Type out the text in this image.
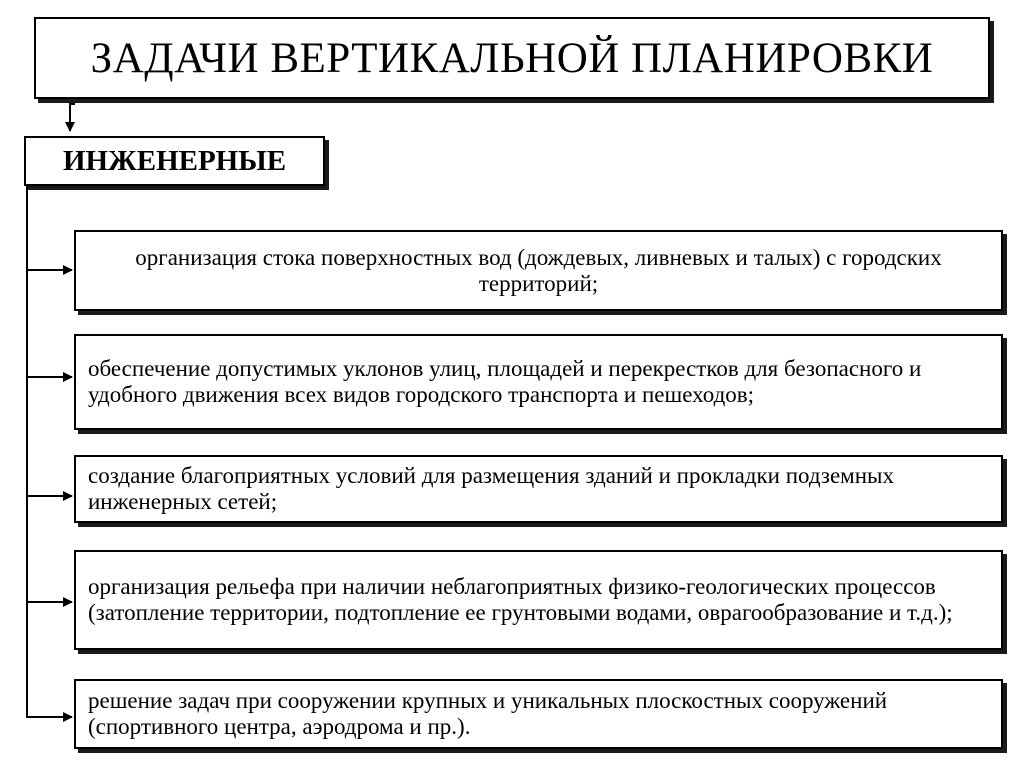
ЗАДАЧИ ВЕРТИКАЛЬНОЙ ПЛАНИРОВКИ
ИНЖЕНЕРНЫЕ
организация стока поверхностных вод (дождевых, ливневых и талых) с городских территорий;
обеспечение допустимых уклонов улиц, площадей и перекрестков для безопасного и удобного движения всех видов городского транспорта и пешеходов;
создание благоприятных условий для размещения зданий и прокладки подземных инженерных сетей;
организация рельефа при наличии неблагоприятных физико-геологических процессов (затопление территории, подтопление ее грунтовыми водами, оврагообразование и т.д.);
решение задач при сооружении крупных и уникальных плоскостных сооружений (спортивного центра, аэродрома и пр.).
